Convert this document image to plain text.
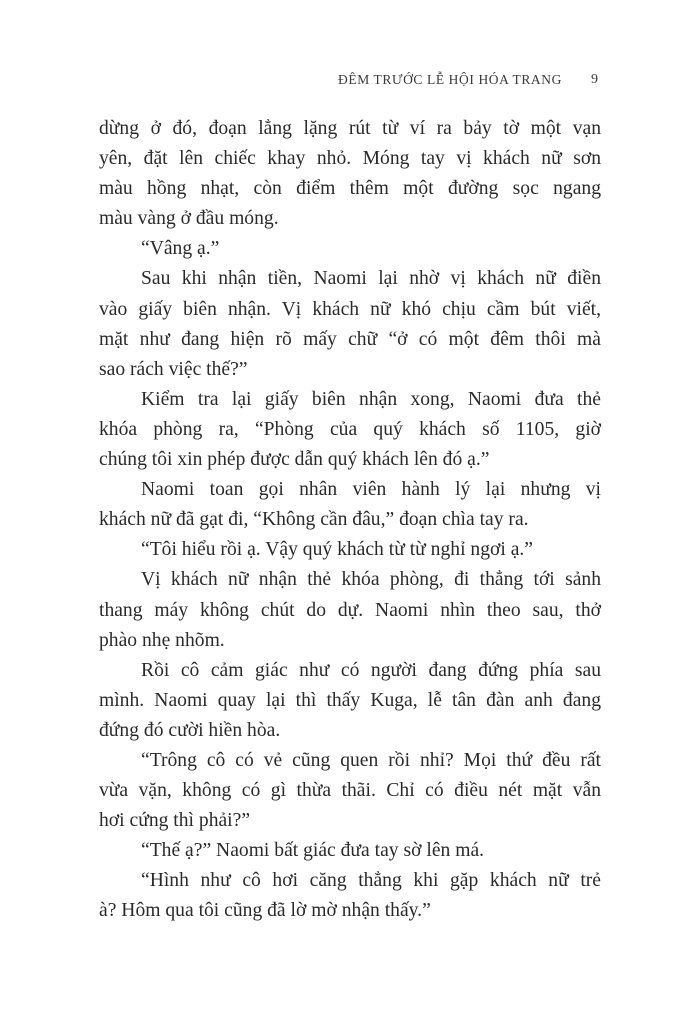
ĐÊM TRƯỚC LỄ HỘI HÓA TRANG 9
dừng ở đó, đoạn lẳng lặng rút từ ví ra bảy tờ một vạn
yên, đặt lên chiếc khay nhỏ. Móng tay vị khách nữ sơn
màu hồng nhạt, còn điểm thêm một đường sọc ngang
màu vàng ở đầu móng.
“Vâng ạ.”
Sau khi nhận tiền, Naomi lại nhờ vị khách nữ điền
vào giấy biên nhận. Vị khách nữ khó chịu cầm bút viết,
mặt như đang hiện rõ mấy chữ “ở có một đêm thôi mà
sao rách việc thế?”
Kiểm tra lại giấy biên nhận xong, Naomi đưa thẻ
khóa phòng ra, “Phòng của quý khách số 1105, giờ
chúng tôi xin phép được dẫn quý khách lên đó ạ.”
Naomi toan gọi nhân viên hành lý lại nhưng vị
khách nữ đã gạt đi, “Không cần đâu,” đoạn chìa tay ra.
“Tôi hiểu rồi ạ. Vậy quý khách từ từ nghỉ ngơi ạ.”
Vị khách nữ nhận thẻ khóa phòng, đi thẳng tới sảnh
thang máy không chút do dự. Naomi nhìn theo sau, thở
phào nhẹ nhõm.
Rồi cô cảm giác như có người đang đứng phía sau
mình. Naomi quay lại thì thấy Kuga, lễ tân đàn anh đang
đứng đó cười hiền hòa.
“Trông cô có vẻ cũng quen rồi nhỉ? Mọi thứ đều rất
vừa vặn, không có gì thừa thãi. Chỉ có điều nét mặt vẫn
hơi cứng thì phải?”
“Thế ạ?” Naomi bất giác đưa tay sờ lên má.
“Hình như cô hơi căng thẳng khi gặp khách nữ trẻ
à? Hôm qua tôi cũng đã lờ mờ nhận thấy.”
